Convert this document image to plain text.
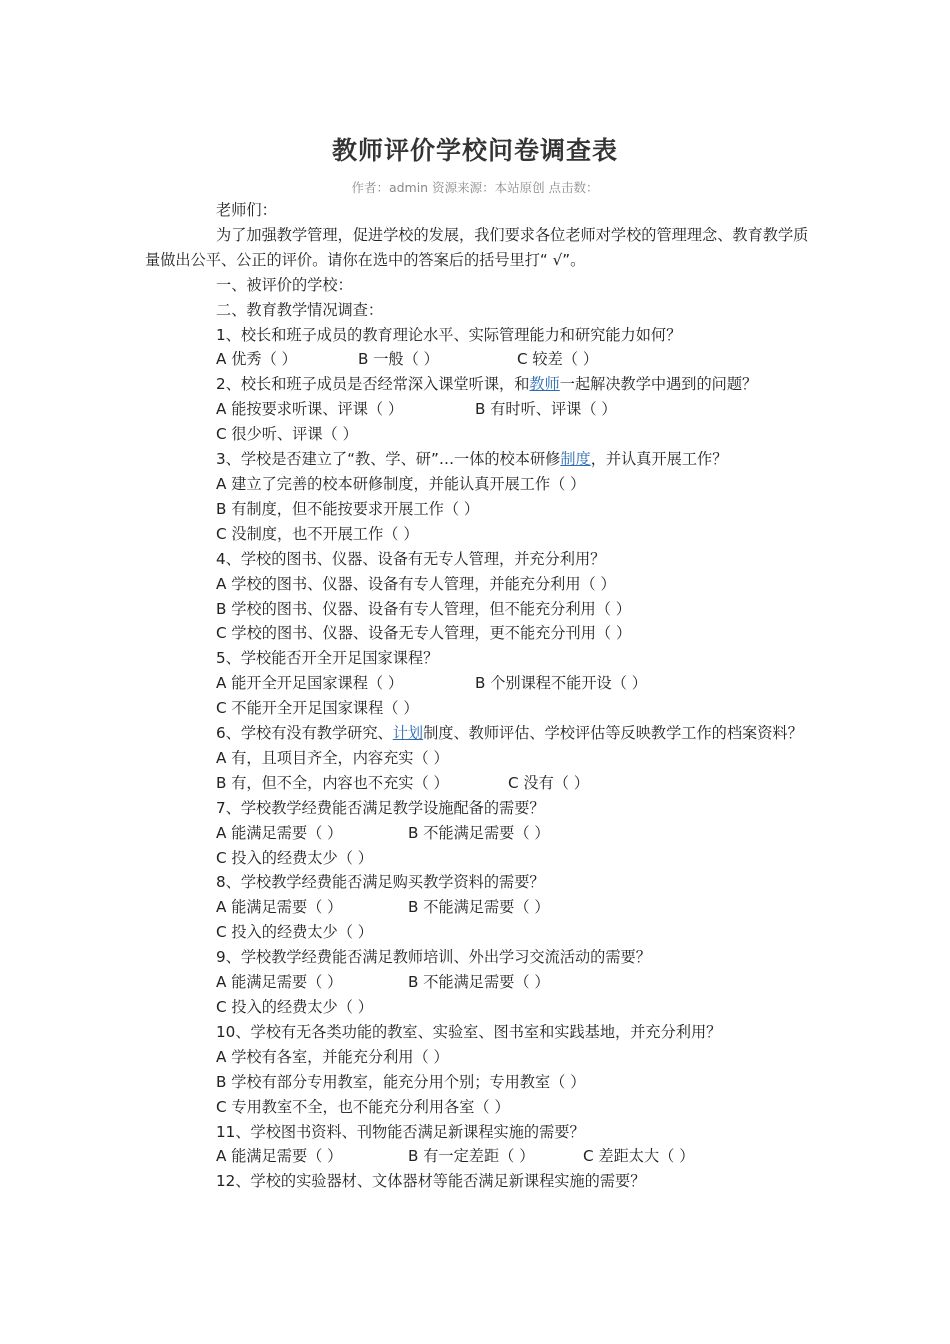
教师评价学校问卷调查表
作者：admin 资源来源：本站原创 点击数：

老师们：

为了加强教学管理，促进学校的发展，我们要求各位老师对学校的管理理念、教育教学质量做出公平、公正的评价。请你在选中的答案后的括号里打“ √”。

一、被评价的学校：

二、教育教学情况调查：

1、校长和班子成员的教育理论水平、实际管理能力和研究能力如何？

A 优秀（ ）	B 一般（ ）	C 较差（ ）

2、校长和班子成员是否经常深入课堂听课，和教师一起解决教学中遇到的问题？

A 能按要求听课、评课（ ）	B 有时听、评课（ ）

C 很少听、评课（ ）

3、学校是否建立了“教、学、研”…一体的校本研修制度，并认真开展工作？

A 建立了完善的校本研修制度，并能认真开展工作（ ）

B 有制度，但不能按要求开展工作（ ）

C 没制度，也不开展工作（ ）

4、学校的图书、仪器、设备有无专人管理，并充分利用？

A 学校的图书、仪器、设备有专人管理，并能充分利用（ ）

B 学校的图书、仪器、设备有专人管理，但不能充分利用（ ）

C 学校的图书、仪器、设备无专人管理，更不能充分刊用（ ）

5、学校能否开全开足国家课程？

A 能开全开足国家课程（ ）	B 个别课程不能开设（ ）

C 不能开全开足国家课程（ ）

6、学校有没有教学研究、计划制度、教师评估、学校评估等反映教学工作的档案资料？

A 有，且项目齐全，内容充实（ ）

B 有，但不全，内容也不充实（ ）	C 没有（ ）

7、学校教学经费能否满足教学设施配备的需要？

A 能满足需要（ ）	B 不能满足需要（ ）

C 投入的经费太少（ ）

8、学校教学经费能否满足购买教学资料的需要？

A 能满足需要（ ）	B 不能满足需要（ ）

C 投入的经费太少（ ）

9、学校教学经费能否满足教师培训、外出学习交流活动的需要？

A 能满足需要（ ）	B 不能满足需要（ ）

C 投入的经费太少（ ）

10、学校有无各类功能的教室、实验室、图书室和实践基地，并充分利用？

A 学校有各室，并能充分利用（ ）

B 学校有部分专用教室，能充分用个别；专用教室（ ）

C 专用教室不全，也不能充分利用各室（ ）

11、学校图书资料、刊物能否满足新课程实施的需要？

A 能满足需要（ ）	B 有一定差距（ ）	C 差距太大（ ）

12、学校的实验器材、文体器材等能否满足新课程实施的需要？
